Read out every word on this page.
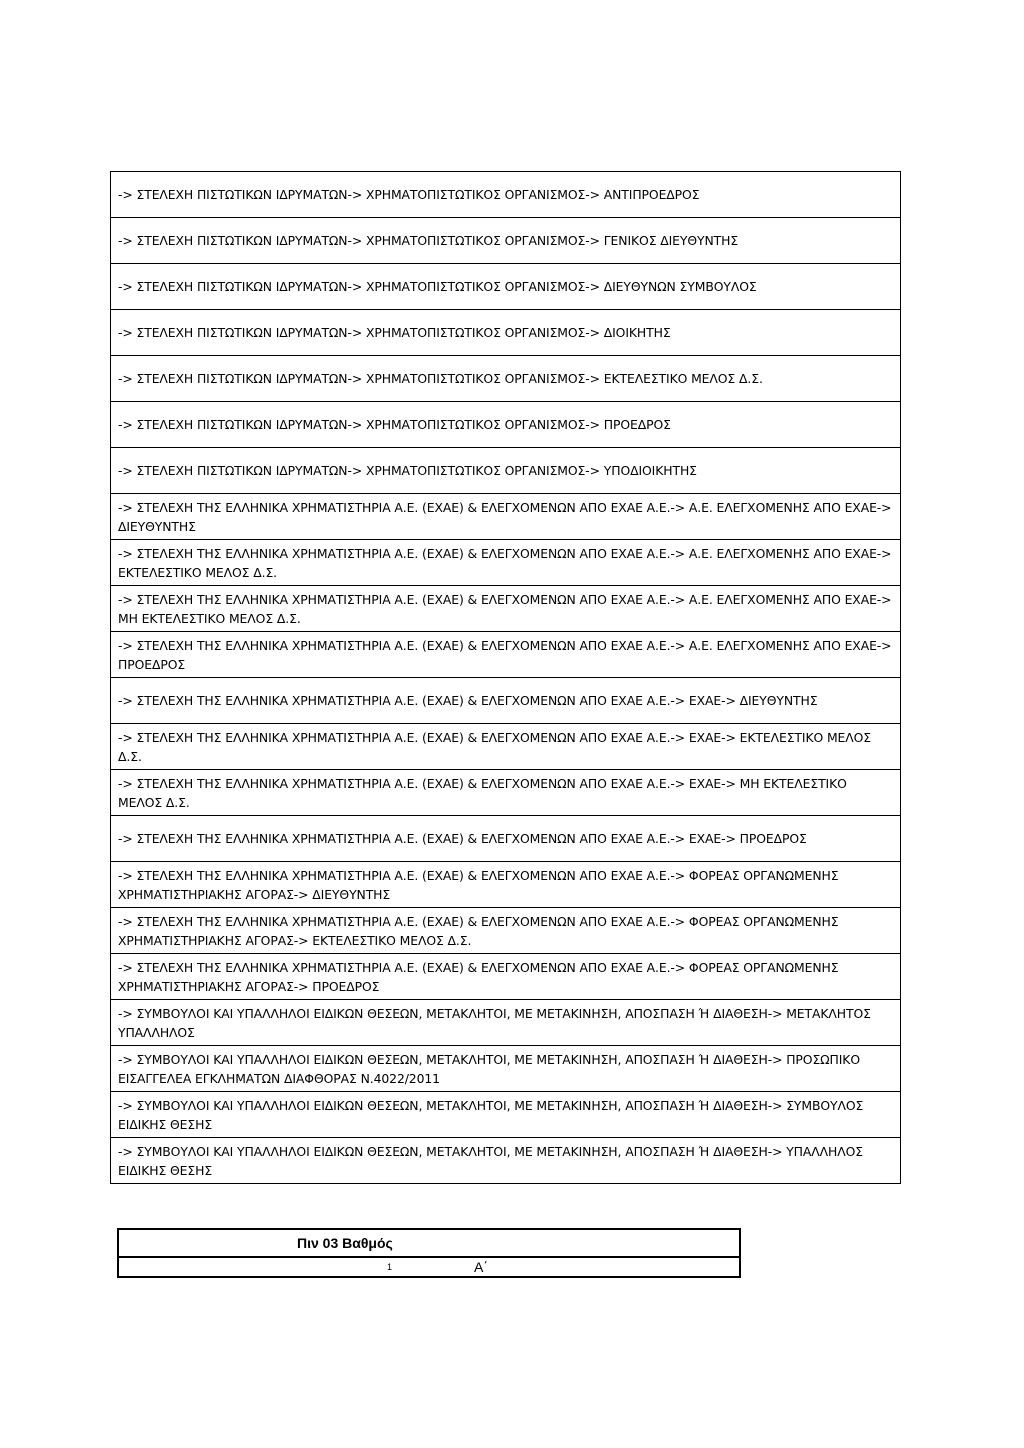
-> ΣΤΕΛΕΧΗ ΠΙΣΤΩΤΙΚΩΝ ΙΔΡΥΜΑΤΩΝ-> ΧΡΗΜΑΤΟΠΙΣΤΩΤΙΚΟΣ ΟΡΓΑΝΙΣΜΟΣ-> ΑΝΤΙΠΡΟΕΔΡΟΣ
-> ΣΤΕΛΕΧΗ ΠΙΣΤΩΤΙΚΩΝ ΙΔΡΥΜΑΤΩΝ-> ΧΡΗΜΑΤΟΠΙΣΤΩΤΙΚΟΣ ΟΡΓΑΝΙΣΜΟΣ-> ΓΕΝΙΚΟΣ ΔΙΕΥΘΥΝΤΗΣ
-> ΣΤΕΛΕΧΗ ΠΙΣΤΩΤΙΚΩΝ ΙΔΡΥΜΑΤΩΝ-> ΧΡΗΜΑΤΟΠΙΣΤΩΤΙΚΟΣ ΟΡΓΑΝΙΣΜΟΣ-> ΔΙΕΥΘΥΝΩΝ ΣΥΜΒΟΥΛΟΣ
-> ΣΤΕΛΕΧΗ ΠΙΣΤΩΤΙΚΩΝ ΙΔΡΥΜΑΤΩΝ-> ΧΡΗΜΑΤΟΠΙΣΤΩΤΙΚΟΣ ΟΡΓΑΝΙΣΜΟΣ-> ΔΙΟΙΚΗΤΗΣ
-> ΣΤΕΛΕΧΗ ΠΙΣΤΩΤΙΚΩΝ ΙΔΡΥΜΑΤΩΝ-> ΧΡΗΜΑΤΟΠΙΣΤΩΤΙΚΟΣ ΟΡΓΑΝΙΣΜΟΣ-> ΕΚΤΕΛΕΣΤΙΚΟ ΜΕΛΟΣ Δ.Σ.
-> ΣΤΕΛΕΧΗ ΠΙΣΤΩΤΙΚΩΝ ΙΔΡΥΜΑΤΩΝ-> ΧΡΗΜΑΤΟΠΙΣΤΩΤΙΚΟΣ ΟΡΓΑΝΙΣΜΟΣ-> ΠΡΟΕΔΡΟΣ
-> ΣΤΕΛΕΧΗ ΠΙΣΤΩΤΙΚΩΝ ΙΔΡΥΜΑΤΩΝ-> ΧΡΗΜΑΤΟΠΙΣΤΩΤΙΚΟΣ ΟΡΓΑΝΙΣΜΟΣ-> ΥΠΟΔΙΟΙΚΗΤΗΣ
-> ΣΤΕΛΕΧΗ ΤΗΣ ΕΛΛΗΝΙΚΑ ΧΡΗΜΑΤΙΣΤΗΡΙΑ Α.Ε. (ΕΧΑΕ) & ΕΛΕΓΧΟΜΕΝΩΝ ΑΠΟ ΕΧΑΕ Α.Ε.-> Α.Ε. ΕΛΕΓΧΟΜΕΝΗΣ ΑΠΟ ΕΧΑΕ-> ΔΙΕΥΘΥΝΤΗΣ
-> ΣΤΕΛΕΧΗ ΤΗΣ ΕΛΛΗΝΙΚΑ ΧΡΗΜΑΤΙΣΤΗΡΙΑ Α.Ε. (ΕΧΑΕ) & ΕΛΕΓΧΟΜΕΝΩΝ ΑΠΟ ΕΧΑΕ Α.Ε.-> Α.Ε. ΕΛΕΓΧΟΜΕΝΗΣ ΑΠΟ ΕΧΑΕ-> ΕΚΤΕΛΕΣΤΙΚΟ ΜΕΛΟΣ Δ.Σ.
-> ΣΤΕΛΕΧΗ ΤΗΣ ΕΛΛΗΝΙΚΑ ΧΡΗΜΑΤΙΣΤΗΡΙΑ Α.Ε. (ΕΧΑΕ) & ΕΛΕΓΧΟΜΕΝΩΝ ΑΠΟ ΕΧΑΕ Α.Ε.-> Α.Ε. ΕΛΕΓΧΟΜΕΝΗΣ ΑΠΟ ΕΧΑΕ-> ΜΗ ΕΚΤΕΛΕΣΤΙΚΟ ΜΕΛΟΣ Δ.Σ.
-> ΣΤΕΛΕΧΗ ΤΗΣ ΕΛΛΗΝΙΚΑ ΧΡΗΜΑΤΙΣΤΗΡΙΑ Α.Ε. (ΕΧΑΕ) & ΕΛΕΓΧΟΜΕΝΩΝ ΑΠΟ ΕΧΑΕ Α.Ε.-> Α.Ε. ΕΛΕΓΧΟΜΕΝΗΣ ΑΠΟ ΕΧΑΕ-> ΠΡΟΕΔΡΟΣ
-> ΣΤΕΛΕΧΗ ΤΗΣ ΕΛΛΗΝΙΚΑ ΧΡΗΜΑΤΙΣΤΗΡΙΑ Α.Ε. (ΕΧΑΕ) & ΕΛΕΓΧΟΜΕΝΩΝ ΑΠΟ ΕΧΑΕ Α.Ε.-> ΕΧΑΕ-> ΔΙΕΥΘΥΝΤΗΣ
-> ΣΤΕΛΕΧΗ ΤΗΣ ΕΛΛΗΝΙΚΑ ΧΡΗΜΑΤΙΣΤΗΡΙΑ Α.Ε. (ΕΧΑΕ) & ΕΛΕΓΧΟΜΕΝΩΝ ΑΠΟ ΕΧΑΕ Α.Ε.-> ΕΧΑΕ-> ΕΚΤΕΛΕΣΤΙΚΟ ΜΕΛΟΣ Δ.Σ.
-> ΣΤΕΛΕΧΗ ΤΗΣ ΕΛΛΗΝΙΚΑ ΧΡΗΜΑΤΙΣΤΗΡΙΑ Α.Ε. (ΕΧΑΕ) & ΕΛΕΓΧΟΜΕΝΩΝ ΑΠΟ ΕΧΑΕ Α.Ε.-> ΕΧΑΕ-> ΜΗ ΕΚΤΕΛΕΣΤΙΚΟ ΜΕΛΟΣ Δ.Σ.
-> ΣΤΕΛΕΧΗ ΤΗΣ ΕΛΛΗΝΙΚΑ ΧΡΗΜΑΤΙΣΤΗΡΙΑ Α.Ε. (ΕΧΑΕ) & ΕΛΕΓΧΟΜΕΝΩΝ ΑΠΟ ΕΧΑΕ Α.Ε.-> ΕΧΑΕ-> ΠΡΟΕΔΡΟΣ
-> ΣΤΕΛΕΧΗ ΤΗΣ ΕΛΛΗΝΙΚΑ ΧΡΗΜΑΤΙΣΤΗΡΙΑ Α.Ε. (ΕΧΑΕ) & ΕΛΕΓΧΟΜΕΝΩΝ ΑΠΟ ΕΧΑΕ Α.Ε.-> ΦΟΡΕΑΣ ΟΡΓΑΝΩΜΕΝΗΣ ΧΡΗΜΑΤΙΣΤΗΡΙΑΚΗΣ ΑΓΟΡΑΣ-> ΔΙΕΥΘΥΝΤΗΣ
-> ΣΤΕΛΕΧΗ ΤΗΣ ΕΛΛΗΝΙΚΑ ΧΡΗΜΑΤΙΣΤΗΡΙΑ Α.Ε. (ΕΧΑΕ) & ΕΛΕΓΧΟΜΕΝΩΝ ΑΠΟ ΕΧΑΕ Α.Ε.-> ΦΟΡΕΑΣ ΟΡΓΑΝΩΜΕΝΗΣ ΧΡΗΜΑΤΙΣΤΗΡΙΑΚΗΣ ΑΓΟΡΑΣ-> ΕΚΤΕΛΕΣΤΙΚΟ ΜΕΛΟΣ Δ.Σ.
-> ΣΤΕΛΕΧΗ ΤΗΣ ΕΛΛΗΝΙΚΑ ΧΡΗΜΑΤΙΣΤΗΡΙΑ Α.Ε. (ΕΧΑΕ) & ΕΛΕΓΧΟΜΕΝΩΝ ΑΠΟ ΕΧΑΕ Α.Ε.-> ΦΟΡΕΑΣ ΟΡΓΑΝΩΜΕΝΗΣ ΧΡΗΜΑΤΙΣΤΗΡΙΑΚΗΣ ΑΓΟΡΑΣ-> ΠΡΟΕΔΡΟΣ
-> ΣΥΜΒΟΥΛΟΙ ΚΑΙ ΥΠΑΛΛΗΛΟΙ ΕΙΔΙΚΩΝ ΘΕΣΕΩΝ, ΜΕΤΑΚΛΗΤΟΙ, ΜΕ ΜΕΤΑΚΙΝΗΣΗ, ΑΠΟΣΠΑΣΗ Ή ΔΙΑΘΕΣΗ-> ΜΕΤΑΚΛΗΤΟΣ ΥΠΑΛΛΗΛΟΣ
-> ΣΥΜΒΟΥΛΟΙ ΚΑΙ ΥΠΑΛΛΗΛΟΙ ΕΙΔΙΚΩΝ ΘΕΣΕΩΝ, ΜΕΤΑΚΛΗΤΟΙ, ΜΕ ΜΕΤΑΚΙΝΗΣΗ, ΑΠΟΣΠΑΣΗ Ή ΔΙΑΘΕΣΗ-> ΠΡΟΣΩΠΙΚΟ ΕΙΣΑΓΓΕΛΕΑ ΕΓΚΛΗΜΑΤΩΝ ΔΙΑΦΘΟΡΑΣ Ν.4022/2011
-> ΣΥΜΒΟΥΛΟΙ ΚΑΙ ΥΠΑΛΛΗΛΟΙ ΕΙΔΙΚΩΝ ΘΕΣΕΩΝ, ΜΕΤΑΚΛΗΤΟΙ, ΜΕ ΜΕΤΑΚΙΝΗΣΗ, ΑΠΟΣΠΑΣΗ Ή ΔΙΑΘΕΣΗ-> ΣΥΜΒΟΥΛΟΣ ΕΙΔΙΚΗΣ ΘΕΣΗΣ
-> ΣΥΜΒΟΥΛΟΙ ΚΑΙ ΥΠΑΛΛΗΛΟΙ ΕΙΔΙΚΩΝ ΘΕΣΕΩΝ, ΜΕΤΑΚΛΗΤΟΙ, ΜΕ ΜΕΤΑΚΙΝΗΣΗ, ΑΠΟΣΠΑΣΗ Ή ΔΙΑΘΕΣΗ-> ΥΠΑΛΛΗΛΟΣ ΕΙΔΙΚΗΣ ΘΕΣΗΣ
Πιν 03 Βαθμός
1	Α΄
